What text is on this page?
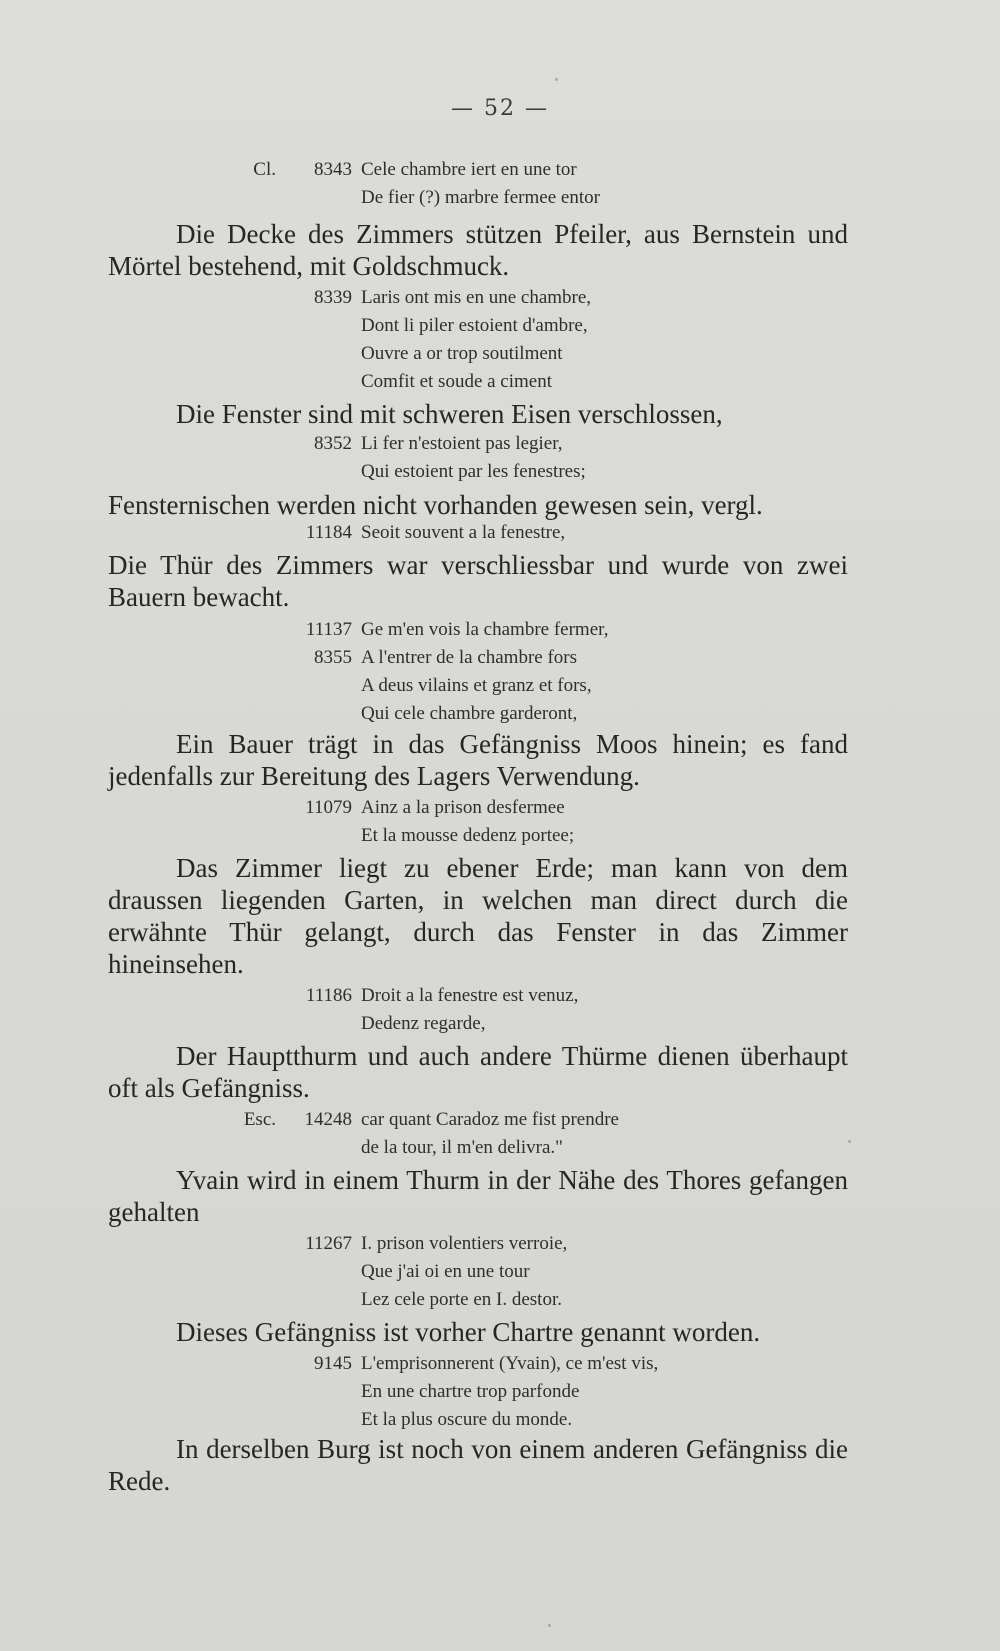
— 52 —
Cl. 8343 Cele chambre iert en une tor
De fier (?) marbre fermee entor
Die Decke des Zimmers stützen Pfeiler, aus Bernstein und Mörtel bestehend, mit Goldschmuck.
8339 Laris ont mis en une chambre,
Dont li piler estoient d'ambre,
Ouvre a or trop soutilment
Comfit et soude a ciment
Die Fenster sind mit schweren Eisen verschlossen,
8352 Li fer n'estoient pas legier,
Qui estoient par les fenestres;
Fensternischen werden nicht vorhanden gewesen sein, vergl.
11184 Seoit souvent a la fenestre,
Die Thür des Zimmers war verschliessbar und wurde von zwei Bauern bewacht.
11137 Ge m'en vois la chambre fermer,
8355 A l'entrer de la chambre fors
A deus vilains et granz et fors,
Qui cele chambre garderont,
Ein Bauer trägt in das Gefängniss Moos hinein; es fand jedenfalls zur Bereitung des Lagers Verwendung.
11079 Ainz a la prison desfermee
Et la mousse dedenz portee;
Das Zimmer liegt zu ebener Erde; man kann von dem draussen liegenden Garten, in welchen man direct durch die erwähnte Thür gelangt, durch das Fenster in das Zimmer hineinsehen.
11186 Droit a la fenestre est venuz,
Dedenz regarde,
Der Hauptthurm und auch andere Thürme dienen überhaupt oft als Gefängniss.
Esc. 14248 car quant Caradoz me fist prendre
de la tour, il m'en delivra."
Yvain wird in einem Thurm in der Nähe des Thores gefangen gehalten
11267 I. prison volentiers verroie,
Que j'ai oi en une tour
Lez cele porte en I. destor.
Dieses Gefängniss ist vorher Chartre genannt worden.
9145 L'emprisonnerent (Yvain), ce m'est vis,
En une chartre trop parfonde
Et la plus oscure du monde.
In derselben Burg ist noch von einem anderen Gefängniss die Rede.
